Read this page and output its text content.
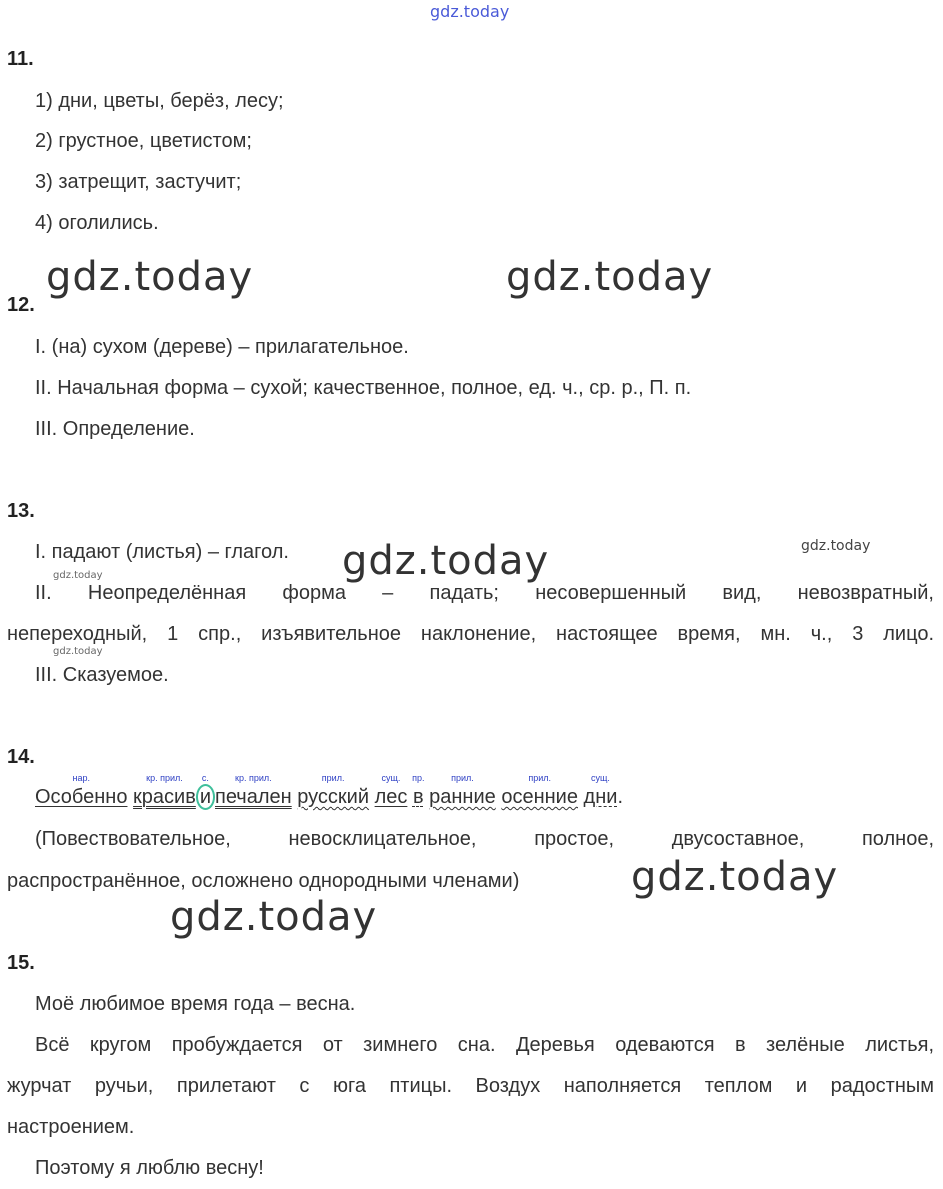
gdz.today
gdz.today	gdz.today
gdz.today	gdz.today
gdz.today
gdz.today
gdz.today
gdz.today
11.
1) дни, цветы, берёз, лесу;
2) грустное, цветистом;
3) затрещит, застучит;
4) оголились.
12.
I. (на) сухом (дереве) – прилагательное.
II. Начальная форма – сухой; качественное, полное, ед. ч., ср. р., П. п.
III. Определение.
13.
I. падают (листья) – глагол.
II. Неопределённая форма – падать; несовершенный вид, невозвратный,
непереходный, 1 спр., изъявительное наклонение, настоящее время, мн. ч., 3 лицо.
III. Сказуемое.
14.
Особенно
нар.
красив
кр. прил.
и
с.
печален
кр. прил.
русский
прил.
лес
сущ.
в
пр.
ранние
прил.
осенние
прил.
дни
сущ.
.
(Повествовательное, невосклицательное, простое, двусоставное, полное,
распространённое, осложнено однородными членами)
15.
Моё любимое время года – весна.
Всё кругом пробуждается от зимнего сна. Деревья одеваются в зелёные листья,
журчат ручьи, прилетают с юга птицы. Воздух наполняется теплом и радостным
настроением.
Поэтому я люблю весну!
